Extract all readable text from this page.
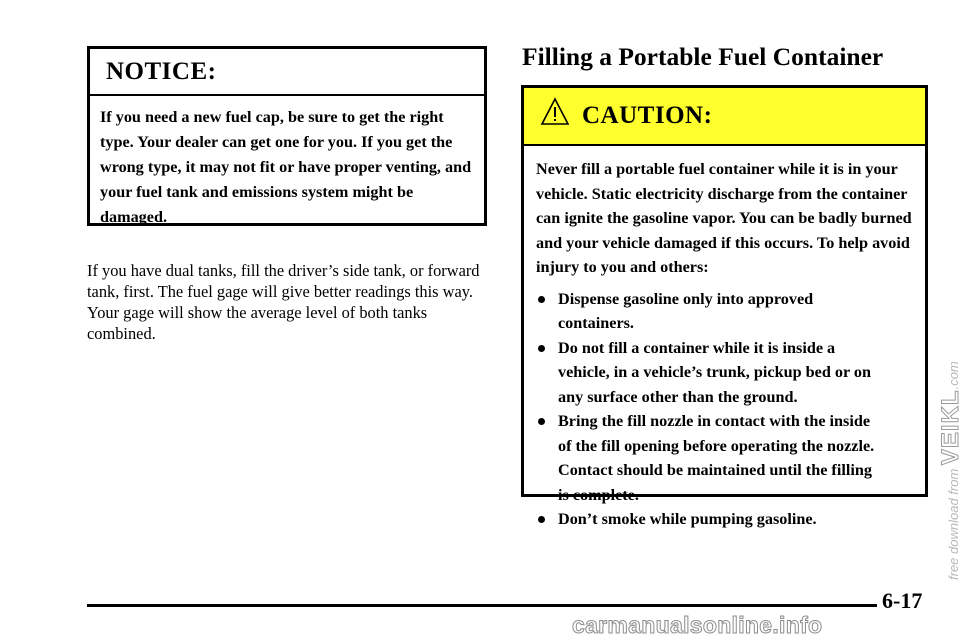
NOTICE:
If you need a new fuel cap, be sure to get the right type. Your dealer can get one for you. If you get the wrong type, it may not fit or have proper venting, and your fuel tank and emissions system might be damaged.

If you have dual tanks, fill the driver’s side tank, or forward tank, first. The fuel gage will give better readings this way. Your gage will show the average level of both tanks combined.

Filling a Portable Fuel Container
CAUTION:
Never fill a portable fuel container while it is in your vehicle. Static electricity discharge from the container can ignite the gasoline vapor. You can be badly burned and your vehicle damaged if this occurs. To help avoid injury to you and others:
Dispense gasoline only into approved containers.
Do not fill a container while it is inside a vehicle, in a vehicle’s trunk, pickup bed or on any surface other than the ground.
Bring the fill nozzle in contact with the inside of the fill opening before operating the nozzle. Contact should be maintained until the filling is complete.
Don’t smoke while pumping gasoline.	free download from VEIKL.com
6-17
carmanualsonline.info
